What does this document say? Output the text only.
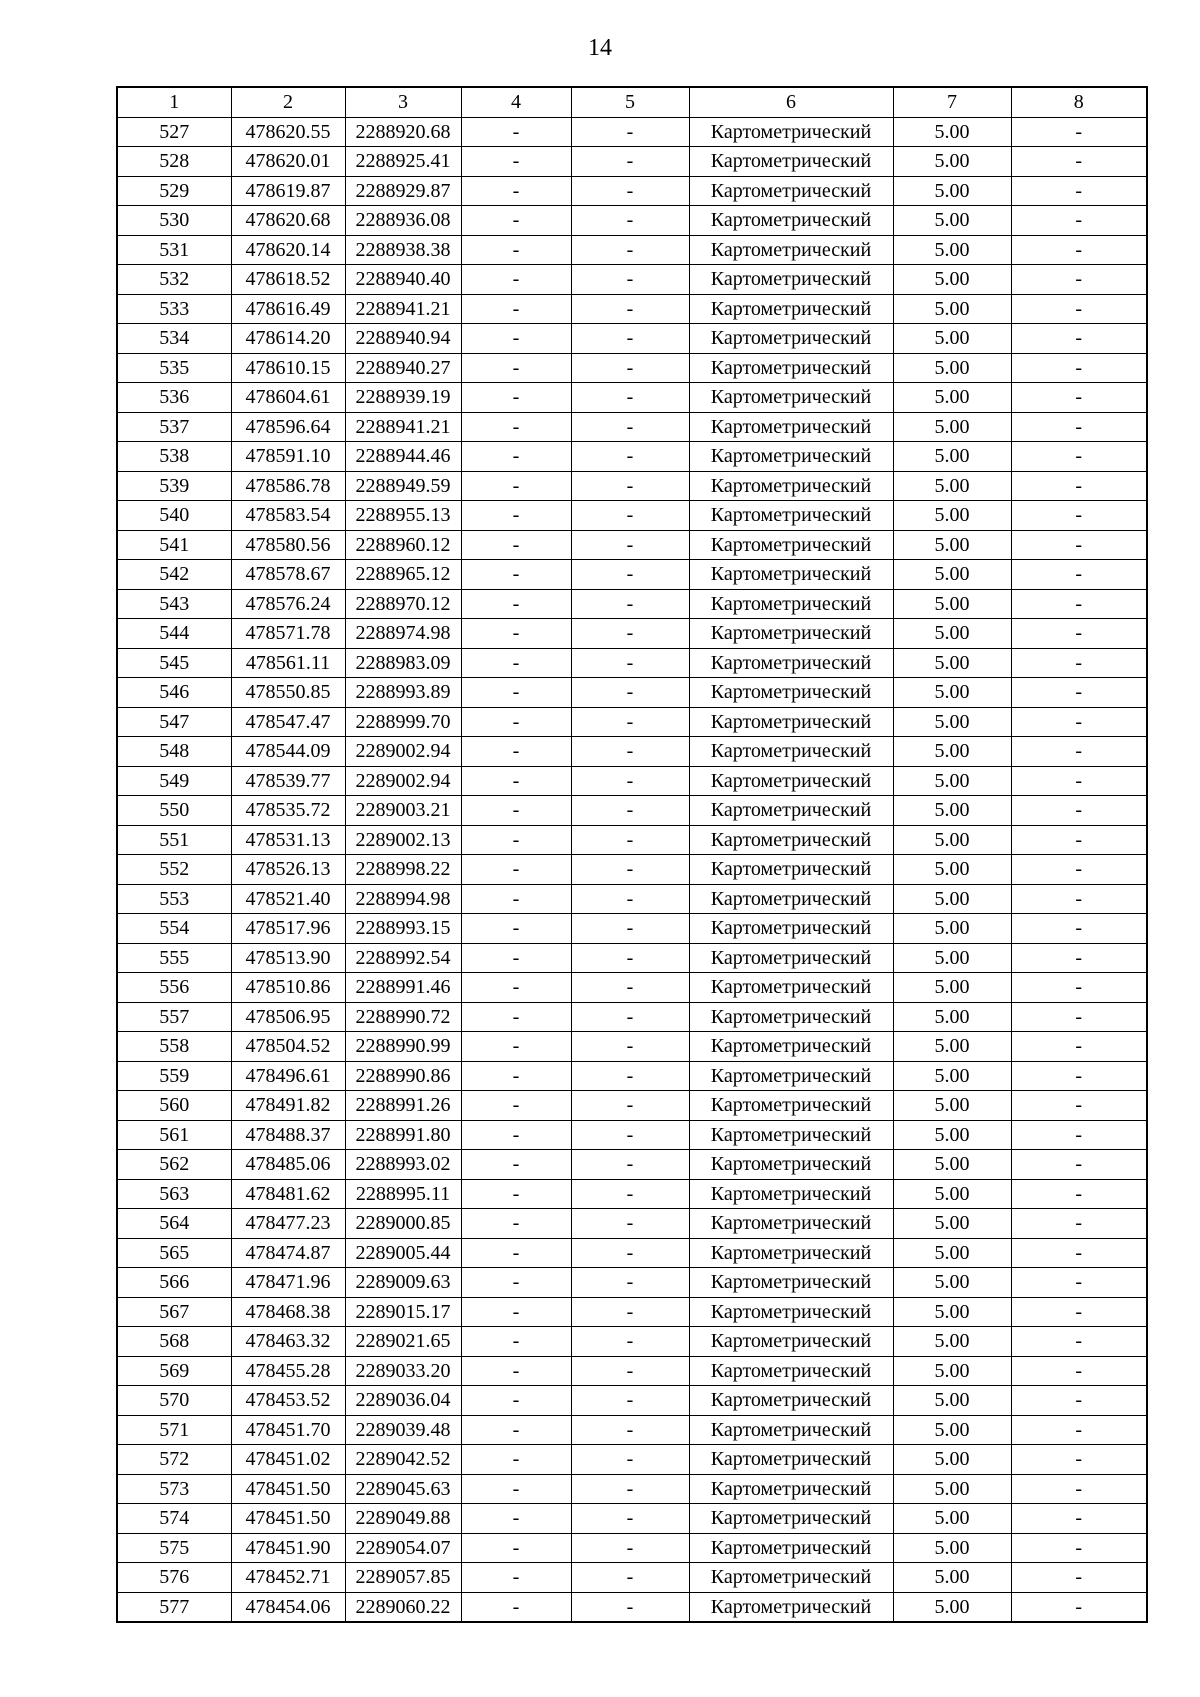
14
1	2	3	4	5	6	7	8
527	478620.55	2288920.68	-	-	Картометрический	5.00	-
528	478620.01	2288925.41	-	-	Картометрический	5.00	-
529	478619.87	2288929.87	-	-	Картометрический	5.00	-
530	478620.68	2288936.08	-	-	Картометрический	5.00	-
531	478620.14	2288938.38	-	-	Картометрический	5.00	-
532	478618.52	2288940.40	-	-	Картометрический	5.00	-
533	478616.49	2288941.21	-	-	Картометрический	5.00	-
534	478614.20	2288940.94	-	-	Картометрический	5.00	-
535	478610.15	2288940.27	-	-	Картометрический	5.00	-
536	478604.61	2288939.19	-	-	Картометрический	5.00	-
537	478596.64	2288941.21	-	-	Картометрический	5.00	-
538	478591.10	2288944.46	-	-	Картометрический	5.00	-
539	478586.78	2288949.59	-	-	Картометрический	5.00	-
540	478583.54	2288955.13	-	-	Картометрический	5.00	-
541	478580.56	2288960.12	-	-	Картометрический	5.00	-
542	478578.67	2288965.12	-	-	Картометрический	5.00	-
543	478576.24	2288970.12	-	-	Картометрический	5.00	-
544	478571.78	2288974.98	-	-	Картометрический	5.00	-
545	478561.11	2288983.09	-	-	Картометрический	5.00	-
546	478550.85	2288993.89	-	-	Картометрический	5.00	-
547	478547.47	2288999.70	-	-	Картометрический	5.00	-
548	478544.09	2289002.94	-	-	Картометрический	5.00	-
549	478539.77	2289002.94	-	-	Картометрический	5.00	-
550	478535.72	2289003.21	-	-	Картометрический	5.00	-
551	478531.13	2289002.13	-	-	Картометрический	5.00	-
552	478526.13	2288998.22	-	-	Картометрический	5.00	-
553	478521.40	2288994.98	-	-	Картометрический	5.00	-
554	478517.96	2288993.15	-	-	Картометрический	5.00	-
555	478513.90	2288992.54	-	-	Картометрический	5.00	-
556	478510.86	2288991.46	-	-	Картометрический	5.00	-
557	478506.95	2288990.72	-	-	Картометрический	5.00	-
558	478504.52	2288990.99	-	-	Картометрический	5.00	-
559	478496.61	2288990.86	-	-	Картометрический	5.00	-
560	478491.82	2288991.26	-	-	Картометрический	5.00	-
561	478488.37	2288991.80	-	-	Картометрический	5.00	-
562	478485.06	2288993.02	-	-	Картометрический	5.00	-
563	478481.62	2288995.11	-	-	Картометрический	5.00	-
564	478477.23	2289000.85	-	-	Картометрический	5.00	-
565	478474.87	2289005.44	-	-	Картометрический	5.00	-
566	478471.96	2289009.63	-	-	Картометрический	5.00	-
567	478468.38	2289015.17	-	-	Картометрический	5.00	-
568	478463.32	2289021.65	-	-	Картометрический	5.00	-
569	478455.28	2289033.20	-	-	Картометрический	5.00	-
570	478453.52	2289036.04	-	-	Картометрический	5.00	-
571	478451.70	2289039.48	-	-	Картометрический	5.00	-
572	478451.02	2289042.52	-	-	Картометрический	5.00	-
573	478451.50	2289045.63	-	-	Картометрический	5.00	-
574	478451.50	2289049.88	-	-	Картометрический	5.00	-
575	478451.90	2289054.07	-	-	Картометрический	5.00	-
576	478452.71	2289057.85	-	-	Картометрический	5.00	-
577	478454.06	2289060.22	-	-	Картометрический	5.00	-
